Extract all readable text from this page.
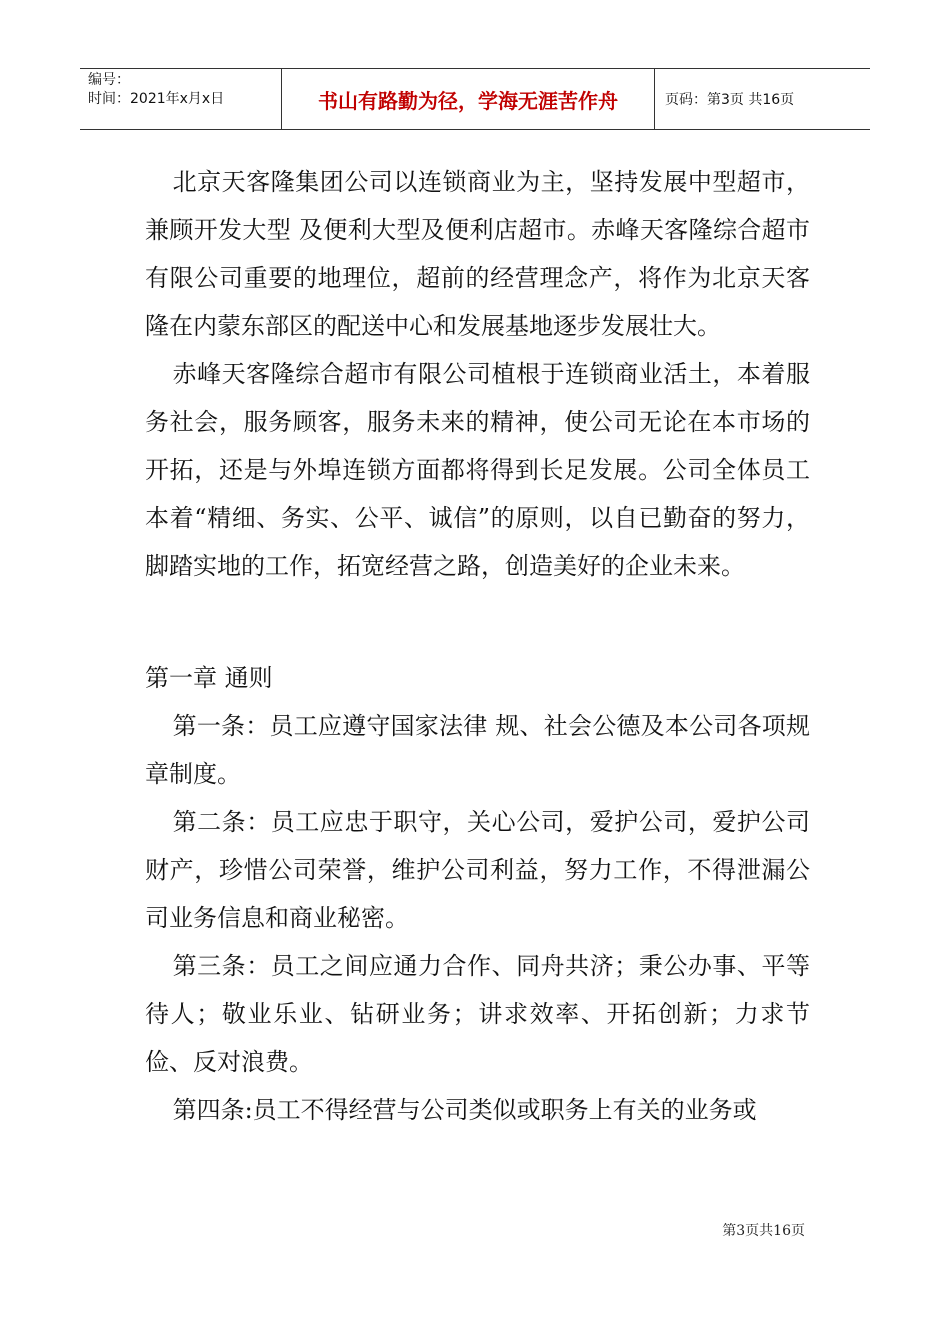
编号：
时间：2021年x月x日	书山有路勤为径，学海无涯苦作舟	页码：第3页 共16页

北京天客隆集团公司以连锁商业为主，坚持发展中型超市，兼顾开发大型 及便利大型及便利店超市。赤峰天客隆综合超市有限公司重要的地理位，超前的经营理念产，将作为北京天客隆在内蒙东部区的配送中心和发展基地逐步发展壮大。

赤峰天客隆综合超市有限公司植根于连锁商业活土，本着服务社会，服务顾客，服务未来的精神，使公司无论在本市场的开拓，还是与外埠连锁方面都将得到长足发展。公司全体员工本着“精细、务实、公平、诚信”的原则，以自已勤奋的努力，脚踏实地的工作，拓宽经营之路，创造美好的企业未来。

第一章 通则

第一条：员工应遵守国家法律 规、社会公德及本公司各项规章制度。

第二条：员工应忠于职守，关心公司，爱护公司，爱护公司财产，珍惜公司荣誉，维护公司利益，努力工作，不得泄漏公司业务信息和商业秘密。

第三条：员工之间应通力合作、同舟共济；秉公办事、平等待人；敬业乐业、钻研业务；讲求效率、开拓创新；力求节俭、反对浪费。

第四条:员工不得经营与公司类似或职务上有关的业务或

第3页共16页
